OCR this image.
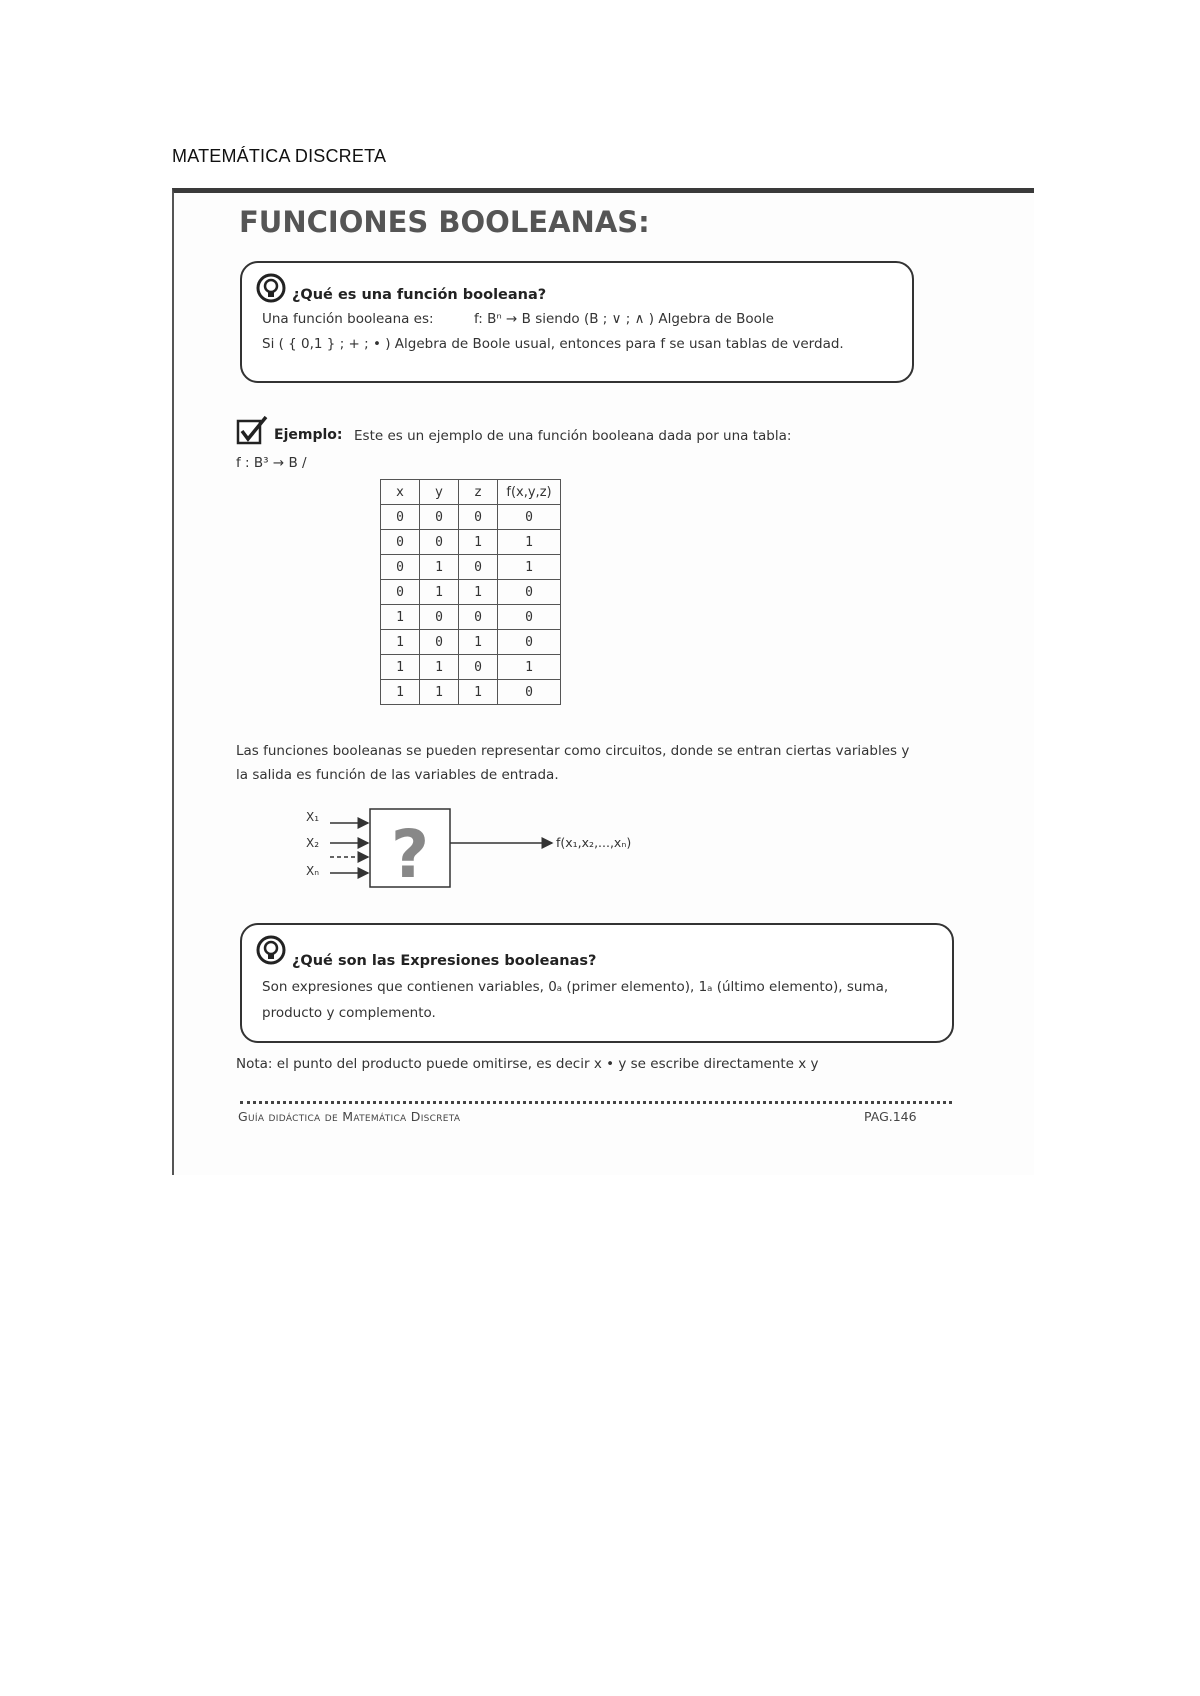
MATEMÁTICA DISCRETA
FUNCIONES BOOLEANAS:
¿Qué es una función booleana?
Una función booleana es:	f: Bⁿ → B siendo (B ; ∨ ; ∧ ) Algebra de Boole
Si ( { 0,1 } ; + ; • ) Algebra de Boole usual, entonces para f se usan tablas de verdad.
Ejemplo: Este es un ejemplo de una función booleana dada por una tabla:
f : B³ → B /
x	y	z	f(x,y,z)
0	0	0	0
0	0	1	1
0	1	0	1
0	1	1	0
1	0	0	0
1	0	1	0
1	1	0	1
1	1	1	0
Las funciones booleanas se pueden representar como circuitos, donde se entran ciertas variables y
la salida es función de las variables de entrada.
X₁
X₂
Xₙ ?	f(x₁,x₂,...,xₙ)
¿Qué son las Expresiones booleanas?
Son expresiones que contienen variables, 0ₐ (primer elemento), 1ₐ (último elemento), suma,
producto y complemento.
Nota: el punto del producto puede omitirse, es decir x • y se escribe directamente x y
Guía didáctica de Matemática Discreta	PAG.146
